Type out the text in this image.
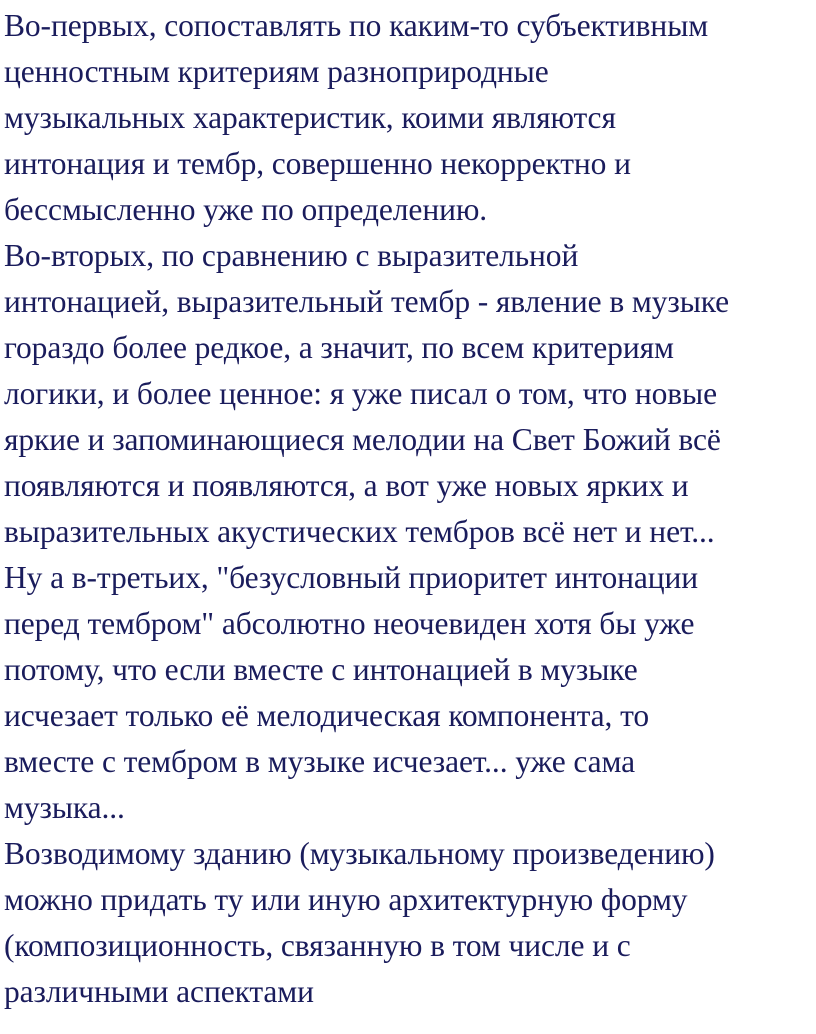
Во-первых, сопоставлять по каким-то субъективным
ценностным критериям разноприродные
музыкальных характеристик, коими являются
интонация и тембр, совершенно некорректно и
бессмысленно уже по определению.
Во-вторых, по сравнению с выразительной
интонацией, выразительный тембр - явление в музыке
гораздо более редкое, а значит, по всем критериям
логики, и более ценное: я уже писал о том, что новые
яркие и запоминающиеся мелодии на Свет Божий всё
появляются и появляются, а вот уже новых ярких и
выразительных акустических тембров всё нет и нет...
Ну а в-третьих, "безусловный приоритет интонации
перед тембром" абсолютно неочевиден хотя бы уже
потому, что если вместе с интонацией в музыке
исчезает только её мелодическая компонента, то
вместе с тембром в музыке исчезает... уже сама
музыка...
Возводимому зданию (музыкальному произведению)
можно придать ту или иную архитектурную форму
(композиционность, связанную в том числе и с
различными аспектами
